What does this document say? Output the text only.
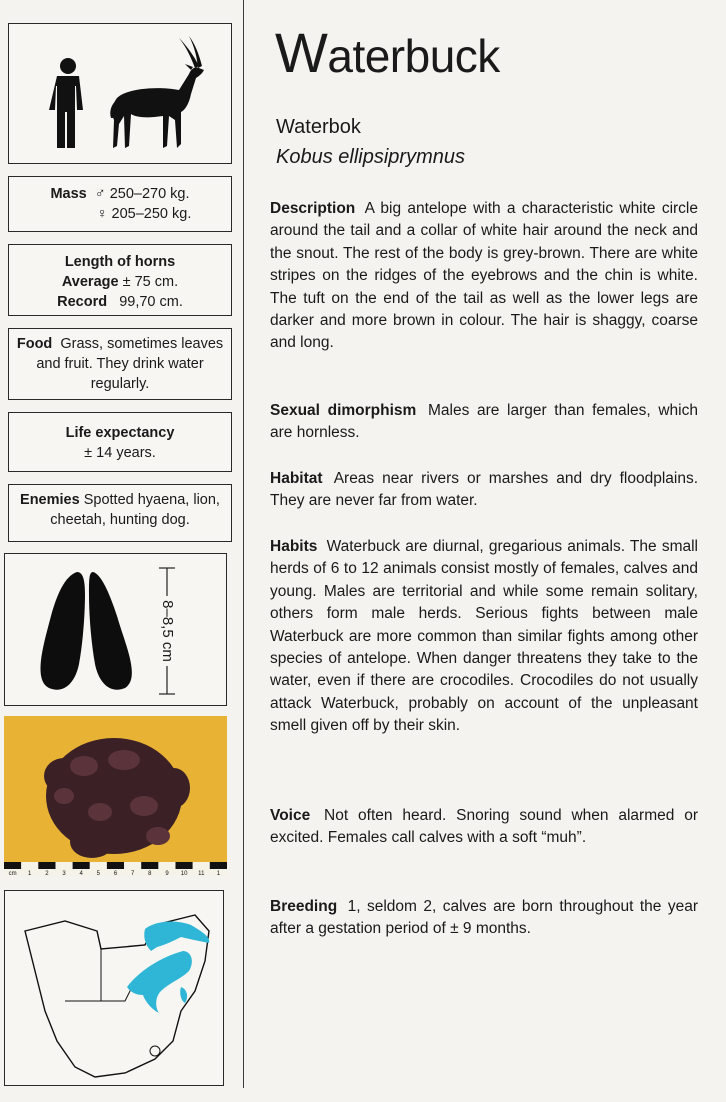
Mass ♂ 250–270 kg.
♀ 205–250 kg.
Length of horns
Average ± 75 cm.
Record 99,70 cm.
Food Grass, sometimes leaves and fruit. They drink water regularly.
Life expectancy
± 14 years.
Enemies Spotted hyaena, lion, cheetah, hunting dog.
8–8,5 cm
cm 1 2 3 4 5 6 7 8 9 10 11 1
Waterbuck
Waterbok
Kobus ellipsiprymnus
Description A big antelope with a characteristic white circle around the tail and a collar of white hair around the neck and the snout. The rest of the body is grey-brown. There are white stripes on the ridges of the eyebrows and the chin is white. The tuft on the end of the tail as well as the lower legs are darker and more brown in colour. The hair is shaggy, coarse and long.
Sexual dimorphism Males are larger than females, which are hornless.
Habitat Areas near rivers or marshes and dry floodplains. They are never far from water.
Habits Waterbuck are diurnal, gregarious animals. The small herds of 6 to 12 animals consist mostly of females, calves and young. Males are territorial and while some remain solitary, others form male herds. Serious fights between male Waterbuck are more common than similar fights among other species of antelope. When danger threatens they take to the water, even if there are crocodiles. Crocodiles do not usually attack Waterbuck, probably on account of the unpleasant smell given off by their skin.
Voice Not often heard. Snoring sound when alarmed or excited. Females call calves with a soft “muh”.
Breeding 1, seldom 2, calves are born throughout the year after a gestation period of ± 9 months.
